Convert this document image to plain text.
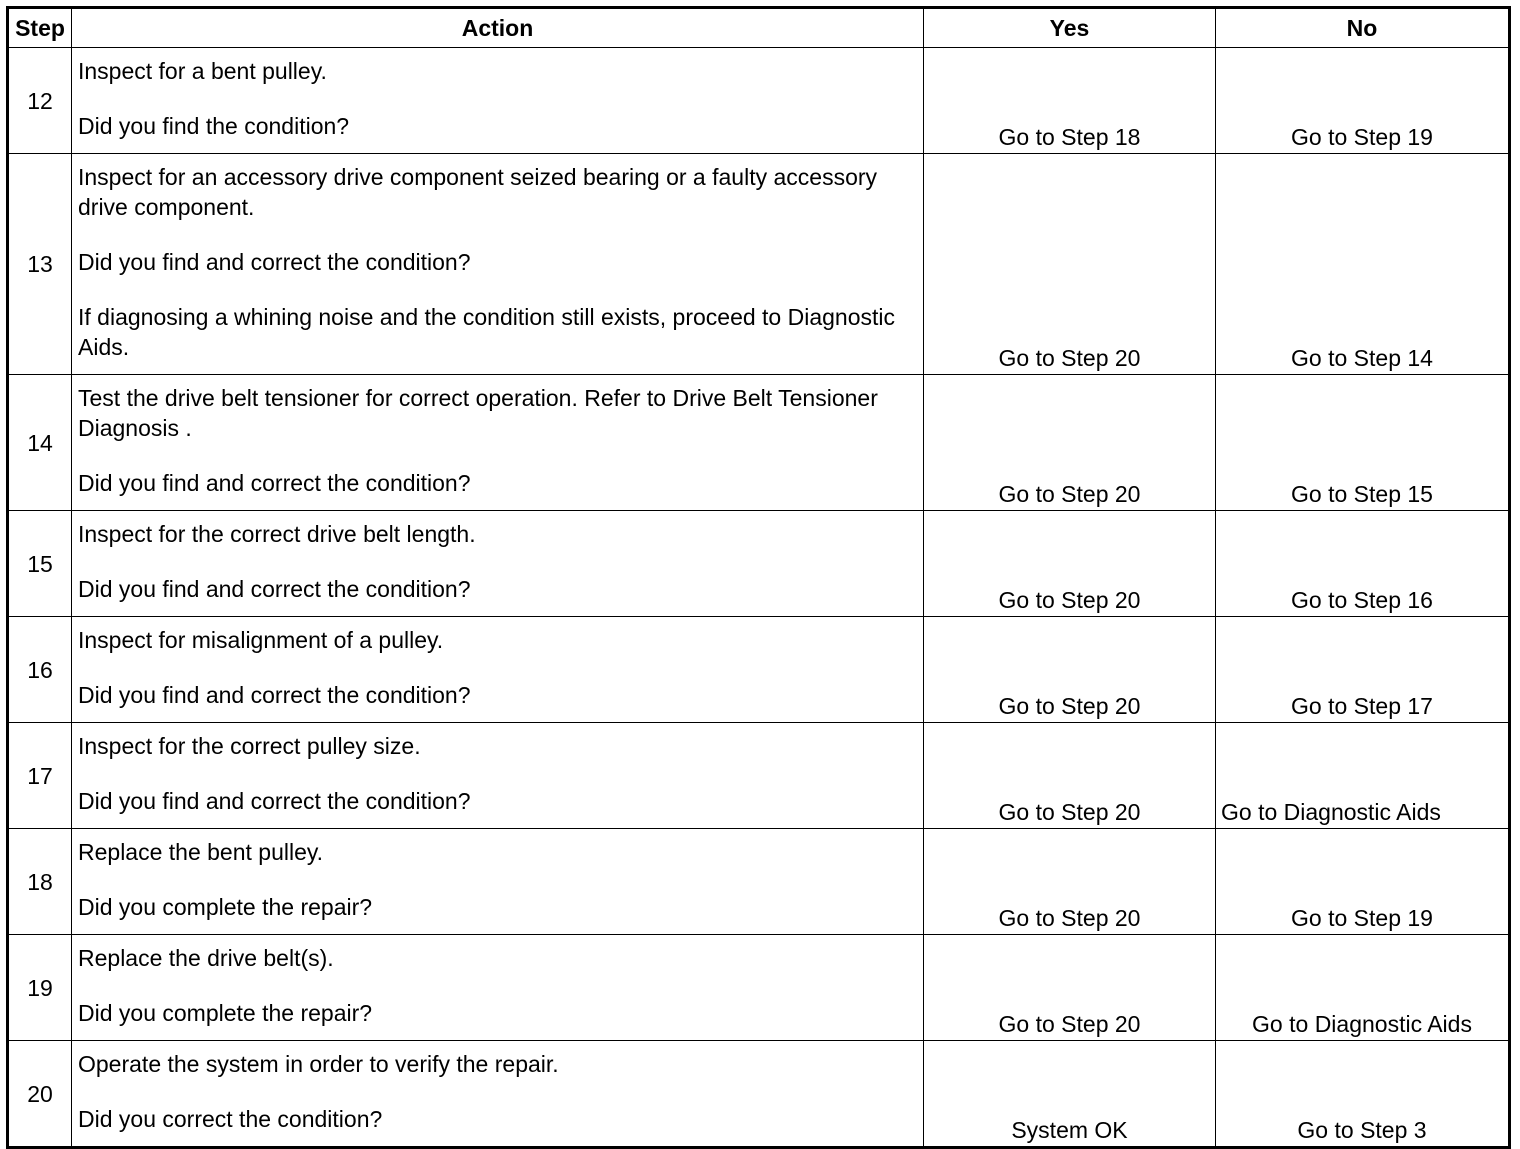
Step	Action	Yes	No
12	Inspect for a bent pulley.

Did you find the condition?	Go to Step 18	Go to Step 19
13	Inspect for an accessory drive component seized bearing or a faulty accessory drive component.

Did you find and correct the condition?

If diagnosing a whining noise and the condition still exists, proceed to Diagnostic Aids.	Go to Step 20	Go to Step 14
14	Test the drive belt tensioner for correct operation. Refer to Drive Belt Tensioner Diagnosis .

Did you find and correct the condition?	Go to Step 20	Go to Step 15
15	Inspect for the correct drive belt length.

Did you find and correct the condition?	Go to Step 20	Go to Step 16
16	Inspect for misalignment of a pulley.

Did you find and correct the condition?	Go to Step 20	Go to Step 17
17	Inspect for the correct pulley size.

Did you find and correct the condition?	Go to Step 20	Go to Diagnostic Aids
18	Replace the bent pulley.

Did you complete the repair?	Go to Step 20	Go to Step 19
19	Replace the drive belt(s).

Did you complete the repair?	Go to Step 20	Go to Diagnostic Aids
20	Operate the system in order to verify the repair.

Did you correct the condition?	System OK	Go to Step 3
